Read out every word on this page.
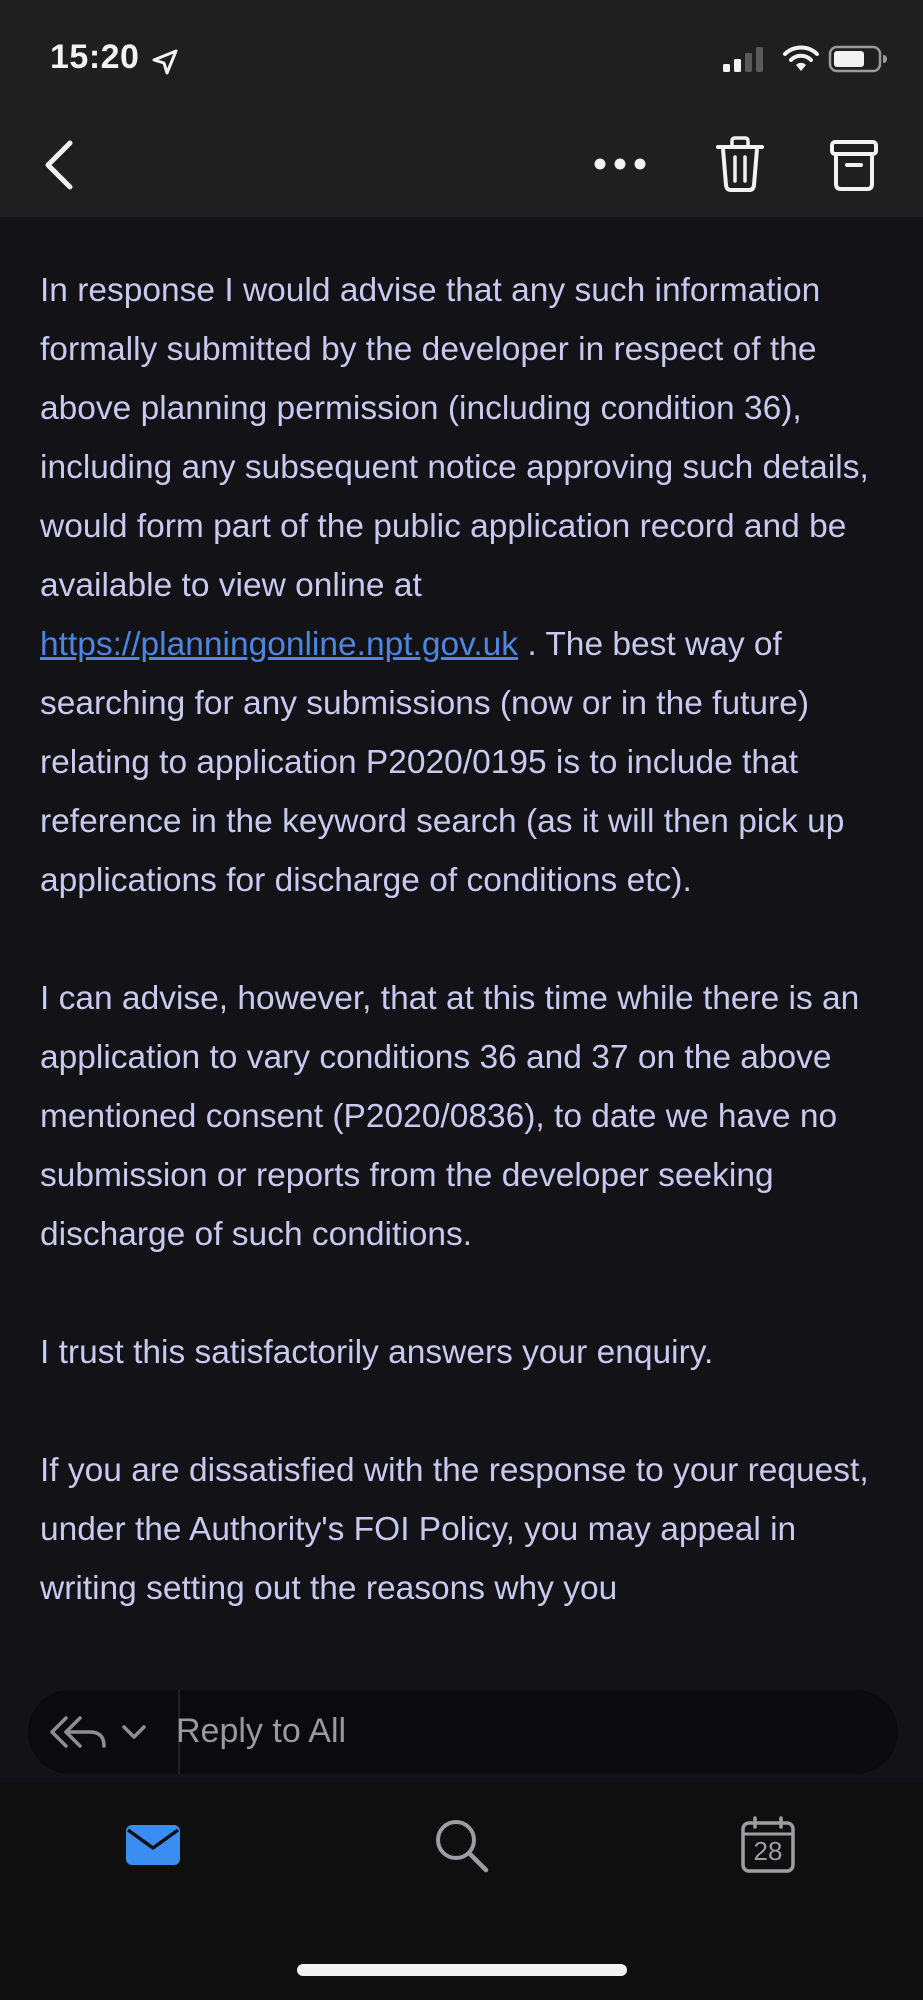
15:20

In response I would advise that any such information formally submitted by the developer in respect of the above planning permission (including condition 36), including any subsequent notice approving such details, would form part of the public application record and be available to view online at https://planningonline.npt.gov.uk . The best way of searching for any submissions (now or in the future) relating to application P2020/0195 is to include that reference in the keyword search (as it will then pick up applications for discharge of conditions etc).

I can advise, however, that at this time while there is an application to vary conditions 36 and 37 on the above mentioned consent (P2020/0836), to date we have no submission or reports from the developer seeking discharge of such conditions.

I trust this satisfactorily answers your enquiry.

If you are dissatisfied with the response to your request, under the Authority's FOI Policy, you may appeal in writing setting out the reasons why you

Reply to All
28
